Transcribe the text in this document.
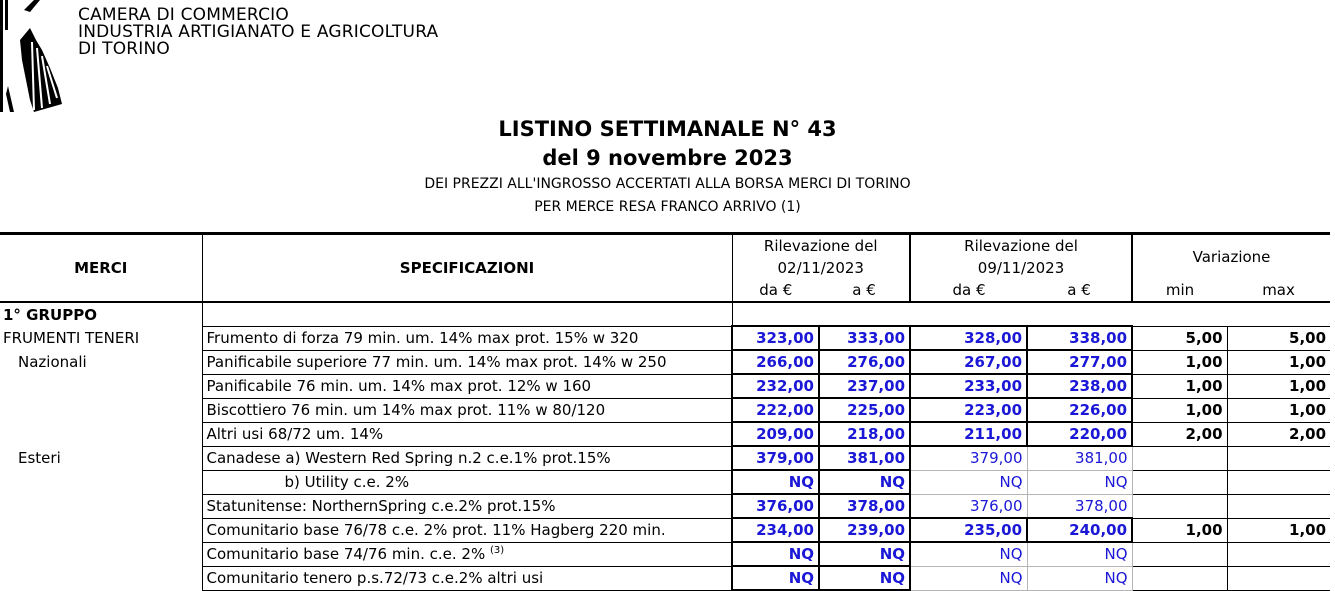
CAMERA DI COMMERCIO
INDUSTRIA ARTIGIANATO E AGRICOLTURA
DI TORINO
LISTINO SETTIMANALE N° 43
del 9 novembre 2023
DEI PREZZI ALL'INGROSSO ACCERTATI ALLA BORSA MERCI DI TORINO
PER MERCE RESA FRANCO ARRIVO (1)
MERCI	SPECIFICAZIONI	Rilevazione del		Rilevazione del		Variazione	
		02/11/2023		09/11/2023			
		da €	a €	da €	a €	min	max
1° GRUPPO							
FRUMENTI TENERI	Frumento di forza 79 min. um. 14% max prot. 15% w 320	323,00	333,00	328,00	338,00	5,00	5,00
Nazionali	Panificabile superiore 77 min. um. 14% max prot. 14% w 250	266,00	276,00	267,00	277,00	1,00	1,00
	Panificabile 76 min. um. 14% max prot. 12% w 160	232,00	237,00	233,00	238,00	1,00	1,00
	Biscottiero 76 min. um 14% max prot. 11% w 80/120	222,00	225,00	223,00	226,00	1,00	1,00
	Altri usi 68/72 um. 14%	209,00	218,00	211,00	220,00	2,00	2,00
Esteri	Canadese a) Western Red Spring n.2 c.e.1% prot.15%	379,00	381,00	379,00	381,00		
	b) Utility c.e. 2%	NQ	NQ	NQ	NQ		
	Statunitense: NorthernSpring c.e.2% prot.15%	376,00	378,00	376,00	378,00		
	Comunitario base 76/78 c.e. 2% prot. 11% Hagberg 220 min.	234,00	239,00	235,00	240,00	1,00	1,00
	Comunitario base 74/76 min. c.e. 2% $^{(3)}$	NQ	NQ	NQ	NQ		
	Comunitario tenero p.s.72/73 c.e.2% altri usi	NQ	NQ	NQ	NQ		
